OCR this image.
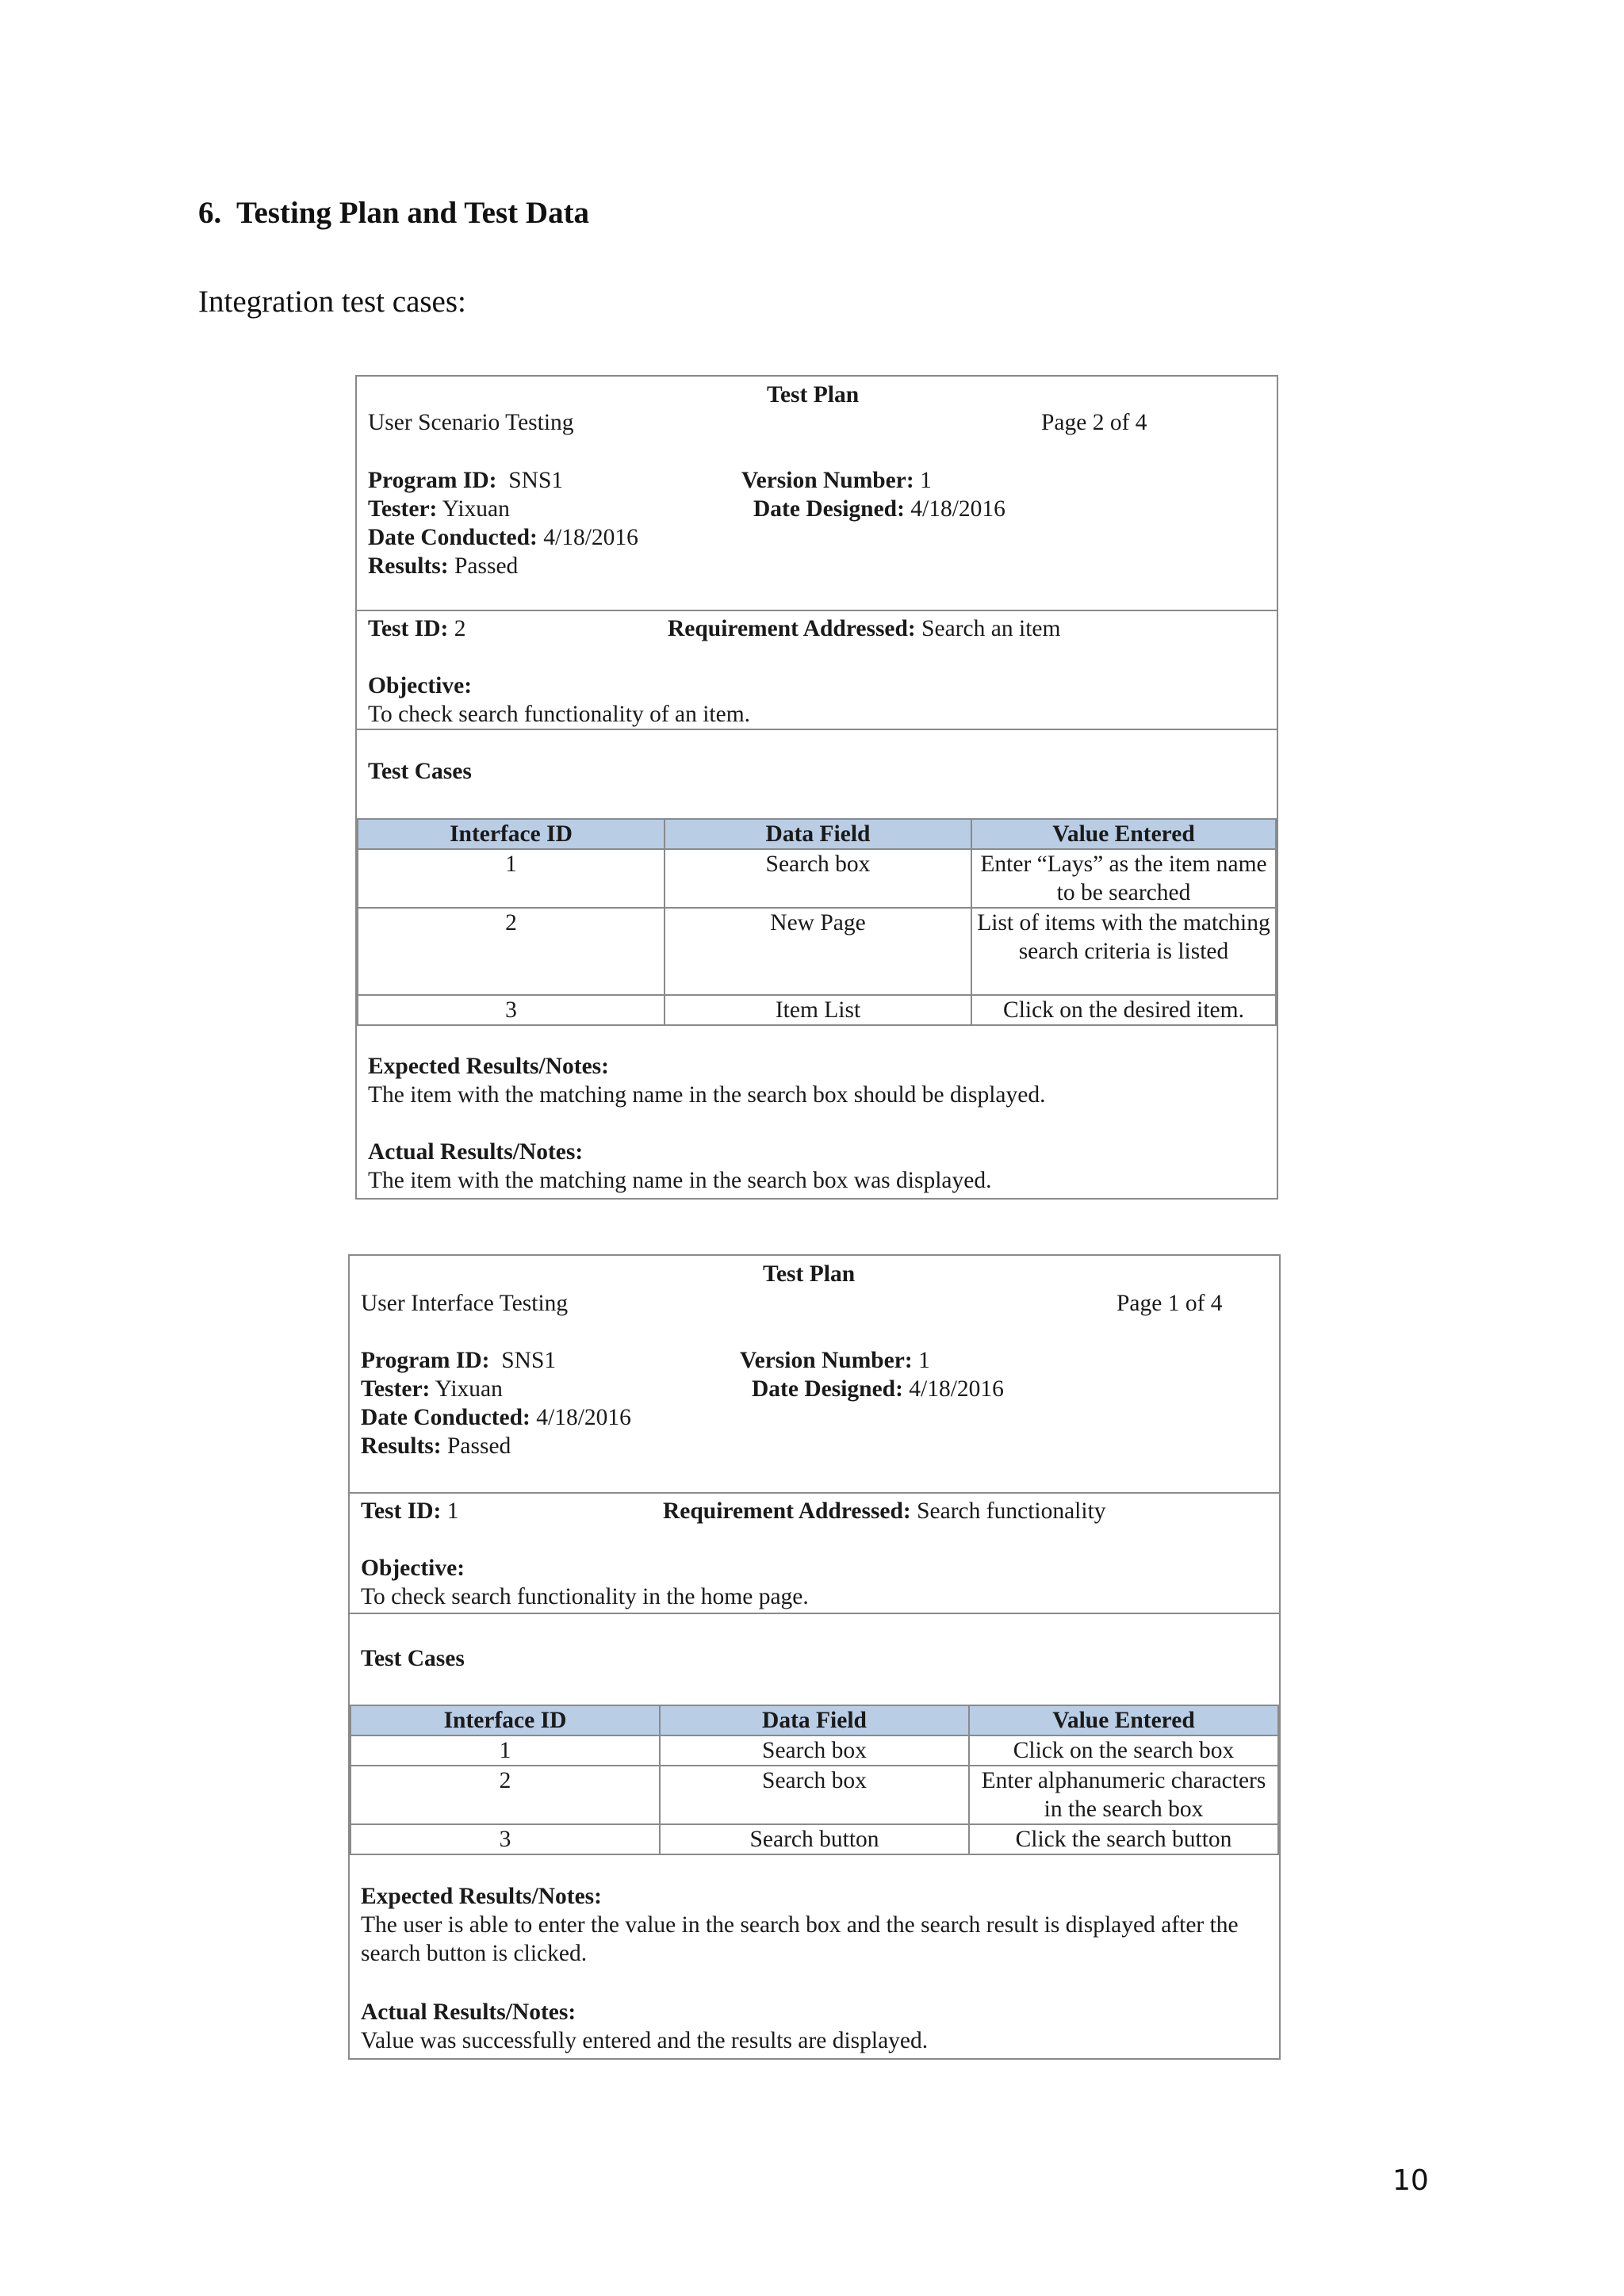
6. Testing Plan and Test Data
Integration test cases:
Test Plan
User Scenario Testing	Page 2 of 4
Program ID: SNS1
Tester: Yixuan
Date Conducted: 4/18/2016
Results: Passed
Version Number: 1
Date Designed: 4/18/2016
Test ID: 2	Requirement Addressed: Search an item
Objective:
To check search functionality of an item.
Test Cases
Interface ID	Data Field	Value Entered
1	Search box	Enter “Lays” as the item name to be searched
2	New Page	List of items with the matching search criteria is listed
3	Item List	Click on the desired item.
Expected Results/Notes:
The item with the matching name in the search box should be displayed.
Actual Results/Notes:
The item with the matching name in the search box was displayed.
Test Plan
User Interface Testing	Page 1 of 4
Program ID: SNS1
Tester: Yixuan
Date Conducted: 4/18/2016
Results: Passed
Version Number: 1
Date Designed: 4/18/2016
Test ID: 1	Requirement Addressed: Search functionality
Objective:
To check search functionality in the home page.
Test Cases
Interface ID	Data Field	Value Entered
1	Search box	Click on the search box
2	Search box	Enter alphanumeric characters in the search box
3	Search button	Click the search button
Expected Results/Notes:
The user is able to enter the value in the search box and the search result is displayed after the search button is clicked.
Actual Results/Notes:
Value was successfully entered and the results are displayed.
10
